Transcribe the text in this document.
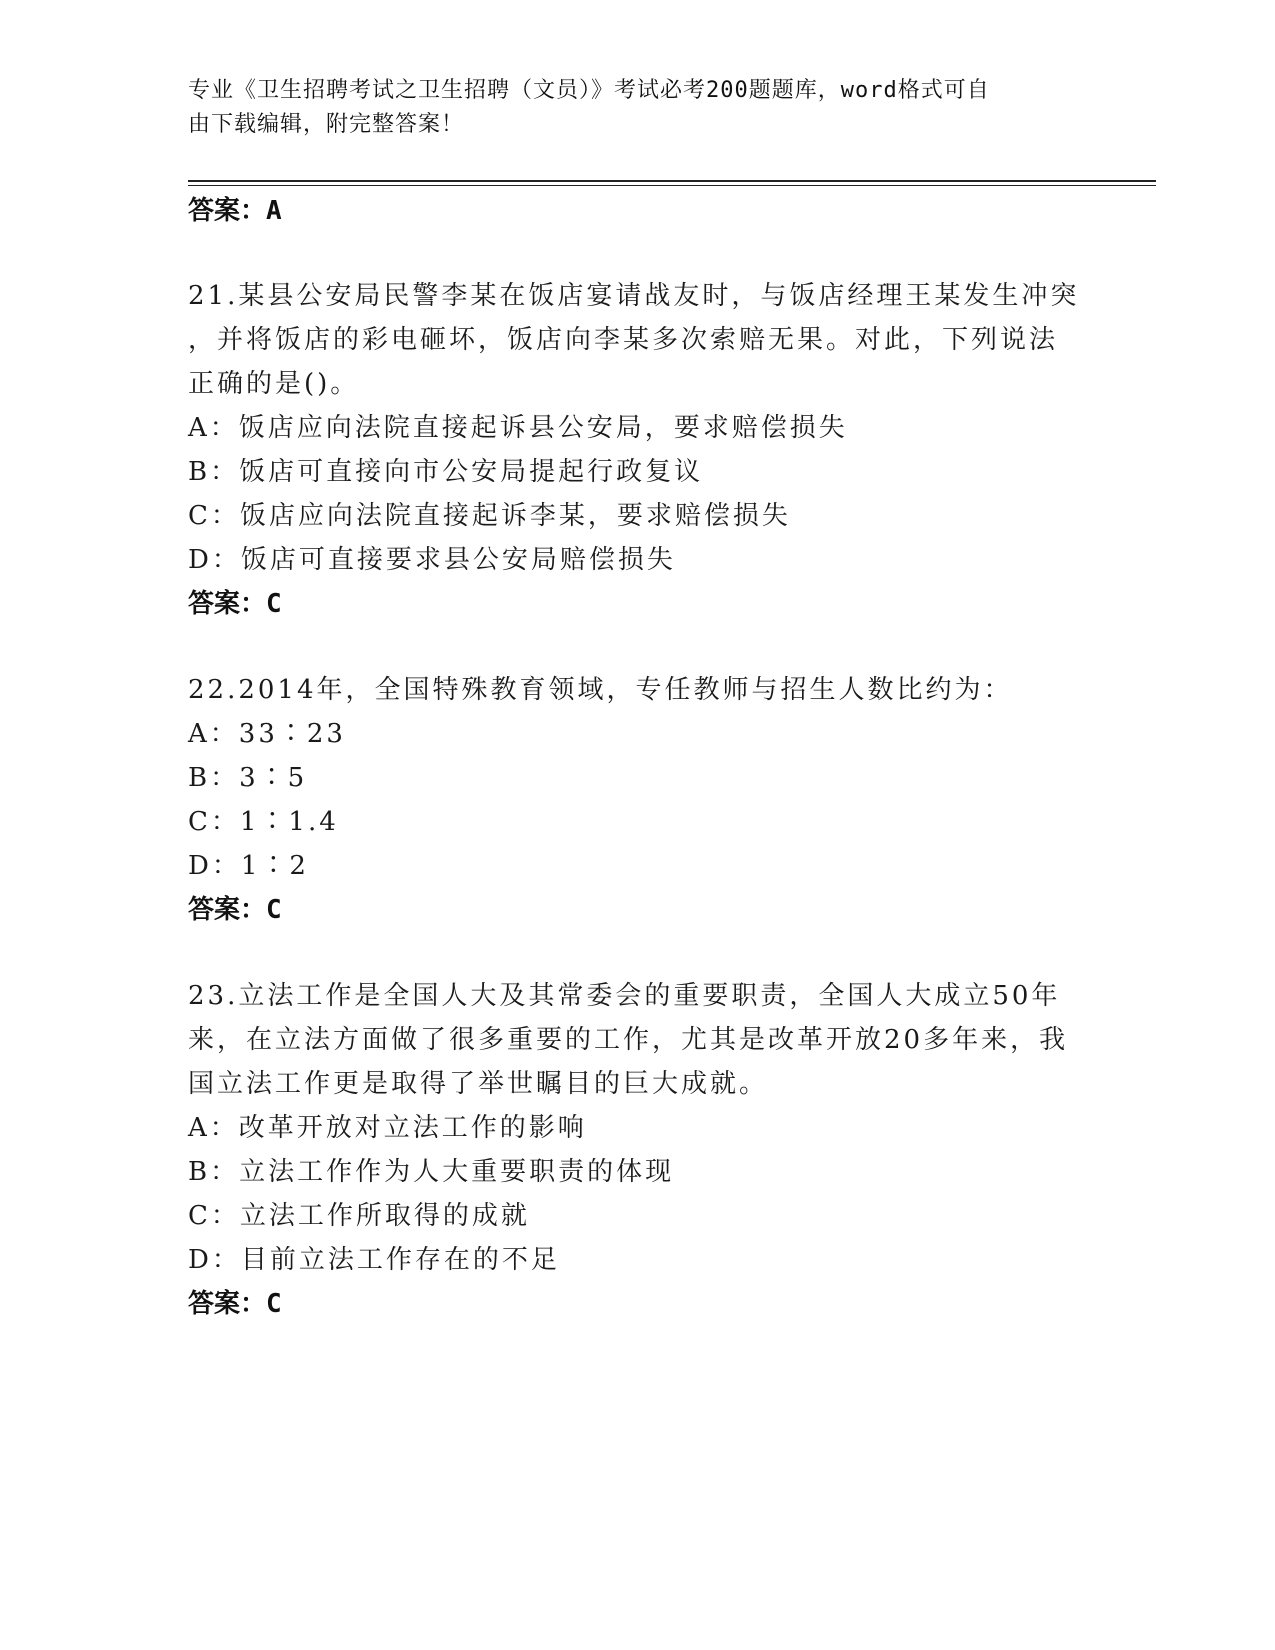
专业《卫生招聘考试之卫生招聘（文员）》考试必考200题题库，word格式可自
由下载编辑，附完整答案！
答案：A
21.某县公安局民警李某在饭店宴请战友时，与饭店经理王某发生冲突
，并将饭店的彩电砸坏，饭店向李某多次索赔无果。对此，下列说法
正确的是()。
A：饭店应向法院直接起诉县公安局，要求赔偿损失
B：饭店可直接向市公安局提起行政复议
C：饭店应向法院直接起诉李某，要求赔偿损失
D：饭店可直接要求县公安局赔偿损失
答案：C
22.2014年，全国特殊教育领域，专任教师与招生人数比约为：
A：33∶23
B：3∶5
C：1∶1.4
D：1∶2
答案：C
23.立法工作是全国人大及其常委会的重要职责，全国人大成立50年
来，在立法方面做了很多重要的工作，尤其是改革开放20多年来，我
国立法工作更是取得了举世瞩目的巨大成就。
A：改革开放对立法工作的影响
B：立法工作作为人大重要职责的体现
C：立法工作所取得的成就
D：目前立法工作存在的不足
答案：C
